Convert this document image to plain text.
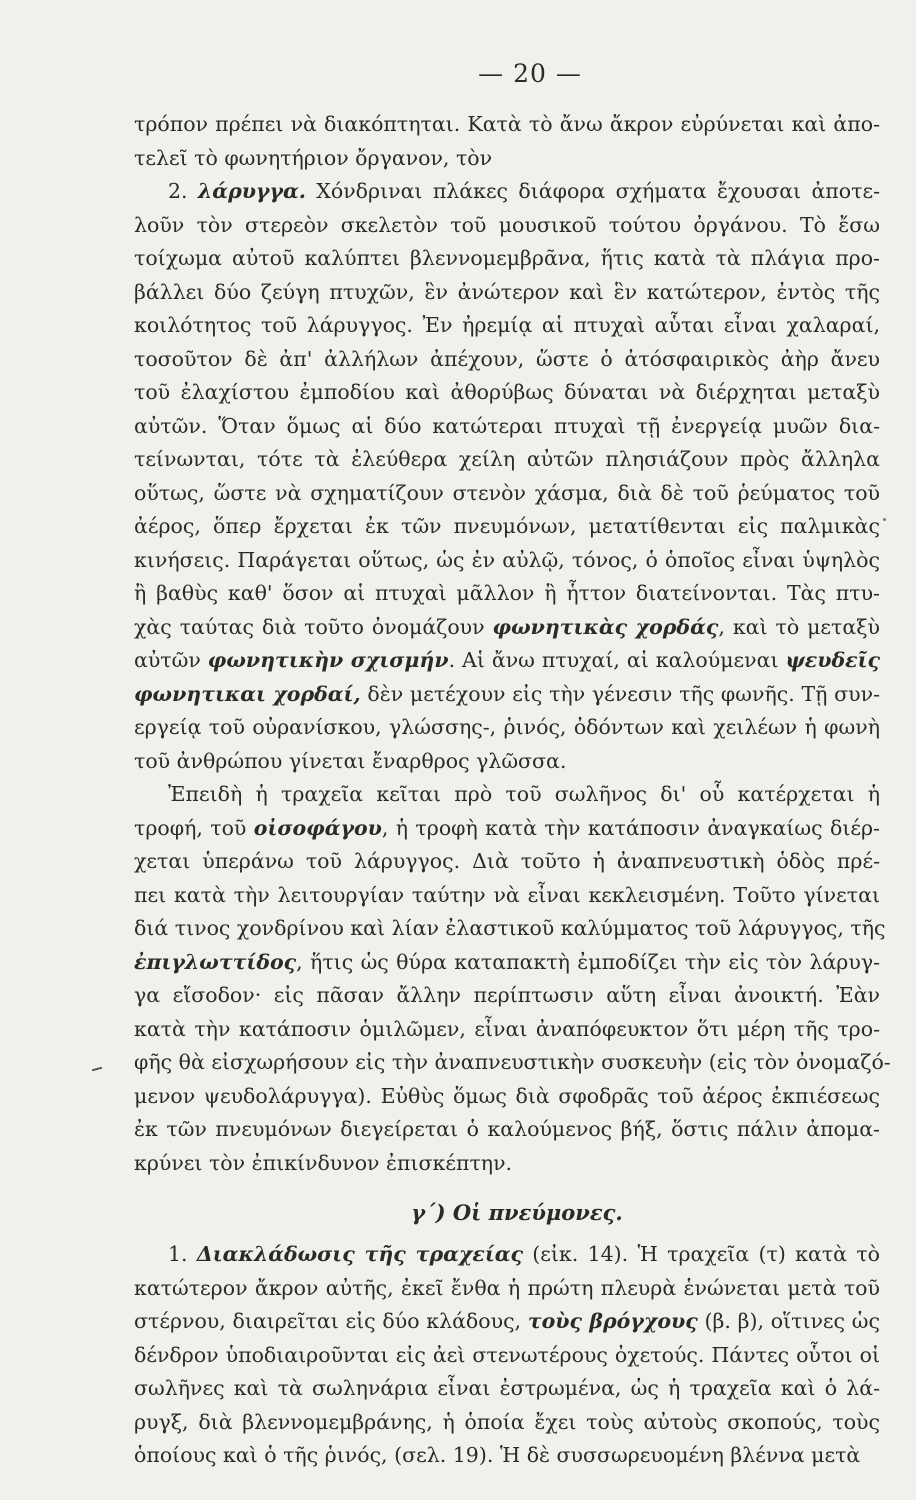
— 20 —

τρόπον πρέπει νὰ διακόπτηται. Κατὰ τὸ ἄνω ἄκρον εὐρύνεται καὶ ἀπο-
τελεῖ τὸ φωνητήριον ὄργανον, τὸν

2. λάρυγγα. Χόνδριναι πλάκες διάφορα σχήματα ἔχουσαι ἀποτε-
λοῦν τὸν στερεὸν σκελετὸν τοῦ μουσικοῦ τούτου ὀργάνου. Τὸ ἔσω
τοίχωμα αὐτοῦ καλύπτει βλεννομεμβρᾶνα, ἥτις κατὰ τὰ πλάγια προ-
βάλλει δύο ζεύγη πτυχῶν, ἓν ἀνώτερον καὶ ἓν κατώτερον, ἐντὸς τῆς
κοιλότητος τοῦ λάρυγγος. Ἐν ἠρεμίᾳ αἱ πτυχαὶ αὗται εἶναι χαλαραί,
τοσοῦτον δὲ ἀπ' ἀλλήλων ἀπέχουν, ὥστε ὁ ἀτόσφαιρικὸς ἀὴρ ἄνευ
τοῦ ἐλαχίστου ἐμποδίου καὶ ἀθορύβως δύναται νὰ διέρχηται μεταξὺ
αὐτῶν. Ὅταν ὅμως αἱ δύο κατώτεραι πτυχαὶ τῇ ἐνεργείᾳ μυῶν δια-
τείνωνται, τότε τὰ ἐλεύθερα χείλη αὐτῶν πλησιάζουν πρὸς ἄλληλα
οὕτως, ὥστε νὰ σχηματίζουν στενὸν χάσμα, διὰ δὲ τοῦ ῥεύματος τοῦ
ἀέρος, ὅπερ ἔρχεται ἐκ τῶν πνευμόνων, μετατίθενται εἰς παλμικὰς
κινήσεις. Παράγεται οὕτως, ὡς ἐν αὐλῷ, τόνος, ὁ ὁποῖος εἶναι ὑψηλὸς
ἢ βαθὺς καθ' ὅσον αἱ πτυχαὶ μᾶλλον ἢ ἧττον διατείνονται. Τὰς πτυ-
χὰς ταύτας διὰ τοῦτο ὀνομάζουν φωνητικὰς χορδάς, καὶ τὸ μεταξὺ
αὐτῶν φωνητικὴν σχισμήν. Αἱ ἄνω πτυχαί, αἱ καλούμεναι ψευδεῖς
φωνητικαι χορδαί, δὲν μετέχουν εἰς τὴν γένεσιν τῆς φωνῆς. Τῇ συν-
εργείᾳ τοῦ οὐρανίσκου, γλώσσης-, ῥινός, ὀδόντων καὶ χειλέων ἡ φωνὴ
τοῦ ἀνθρώπου γίνεται ἔναρθρος γλῶσσα.

Ἐπειδὴ ἡ τραχεῖα κεῖται πρὸ τοῦ σωλῆνος δι' οὗ κατέρχεται ἡ
τροφή, τοῦ οἰσοφάγου, ἡ τροφὴ κατὰ τὴν κατάποσιν ἀναγκαίως διέρ-
χεται ὑπεράνω τοῦ λάρυγγος. Διὰ τοῦτο ἡ ἀναπνευστικὴ ὁδὸς πρέ-
πει κατὰ τὴν λειτουργίαν ταύτην νὰ εἶναι κεκλεισμένη. Τοῦτο γίνεται
διά τινος χονδρίνου καὶ λίαν ἐλαστικοῦ καλύμματος τοῦ λάρυγγος, τῆς
ἐπιγλωττίδος, ἥτις ὡς θύρα καταπακτὴ ἐμποδίζει τὴν εἰς τὸν λάρυγ-
γα εἴσοδον· εἰς πᾶσαν ἄλλην περίπτωσιν αὕτη εἶναι ἀνοικτή. Ἐὰν
κατὰ τὴν κατάποσιν ὁμιλῶμεν, εἶναι ἀναπόφευκτον ὅτι μέρη τῆς τρο-
φῆς θὰ εἰσχωρήσουν εἰς τὴν ἀναπνευστικὴν συσκευὴν (εἰς τὸν ὀνομαζό-
μενον ψευδολάρυγγα). Εὐθὺς ὅμως διὰ σφοδρᾶς τοῦ ἀέρος ἐκπιέσεως
ἐκ τῶν πνευμόνων διεγείρεται ὁ καλούμενος βήξ, ὅστις πάλιν ἀπομα-
κρύνει τὸν ἐπικίνδυνον ἐπισκέπτην.

γ΄) Οἱ πνεύμονες.

1. Διακλάδωσις τῆς τραχείας (εἰκ. 14). Ἡ τραχεῖα (τ) κατὰ τὸ
κατώτερον ἄκρον αὐτῆς, ἐκεῖ ἔνθα ἡ πρώτη πλευρὰ ἑνώνεται μετὰ τοῦ
στέρνου, διαιρεῖται εἰς δύο κλάδους, τοὺς βρόγχους (β. β), οἵτινες ὡς
δένδρον ὑποδιαιροῦνται εἰς ἀεὶ στενωτέρους ὀχετούς. Πάντες οὗτοι οἱ
σωλῆνες καὶ τὰ σωληνάρια εἶναι ἐστρωμένα, ὡς ἡ τραχεῖα καὶ ὁ λά-
ρυγξ, διὰ βλεννομεμβράνης, ἡ ὁποία ἔχει τοὺς αὐτοὺς σκοπούς, τοὺς
ὁποίους καὶ ὁ τῆς ῥινός, (σελ. 19). Ἡ δὲ συσσωρευομένη βλέννα μετὰ
